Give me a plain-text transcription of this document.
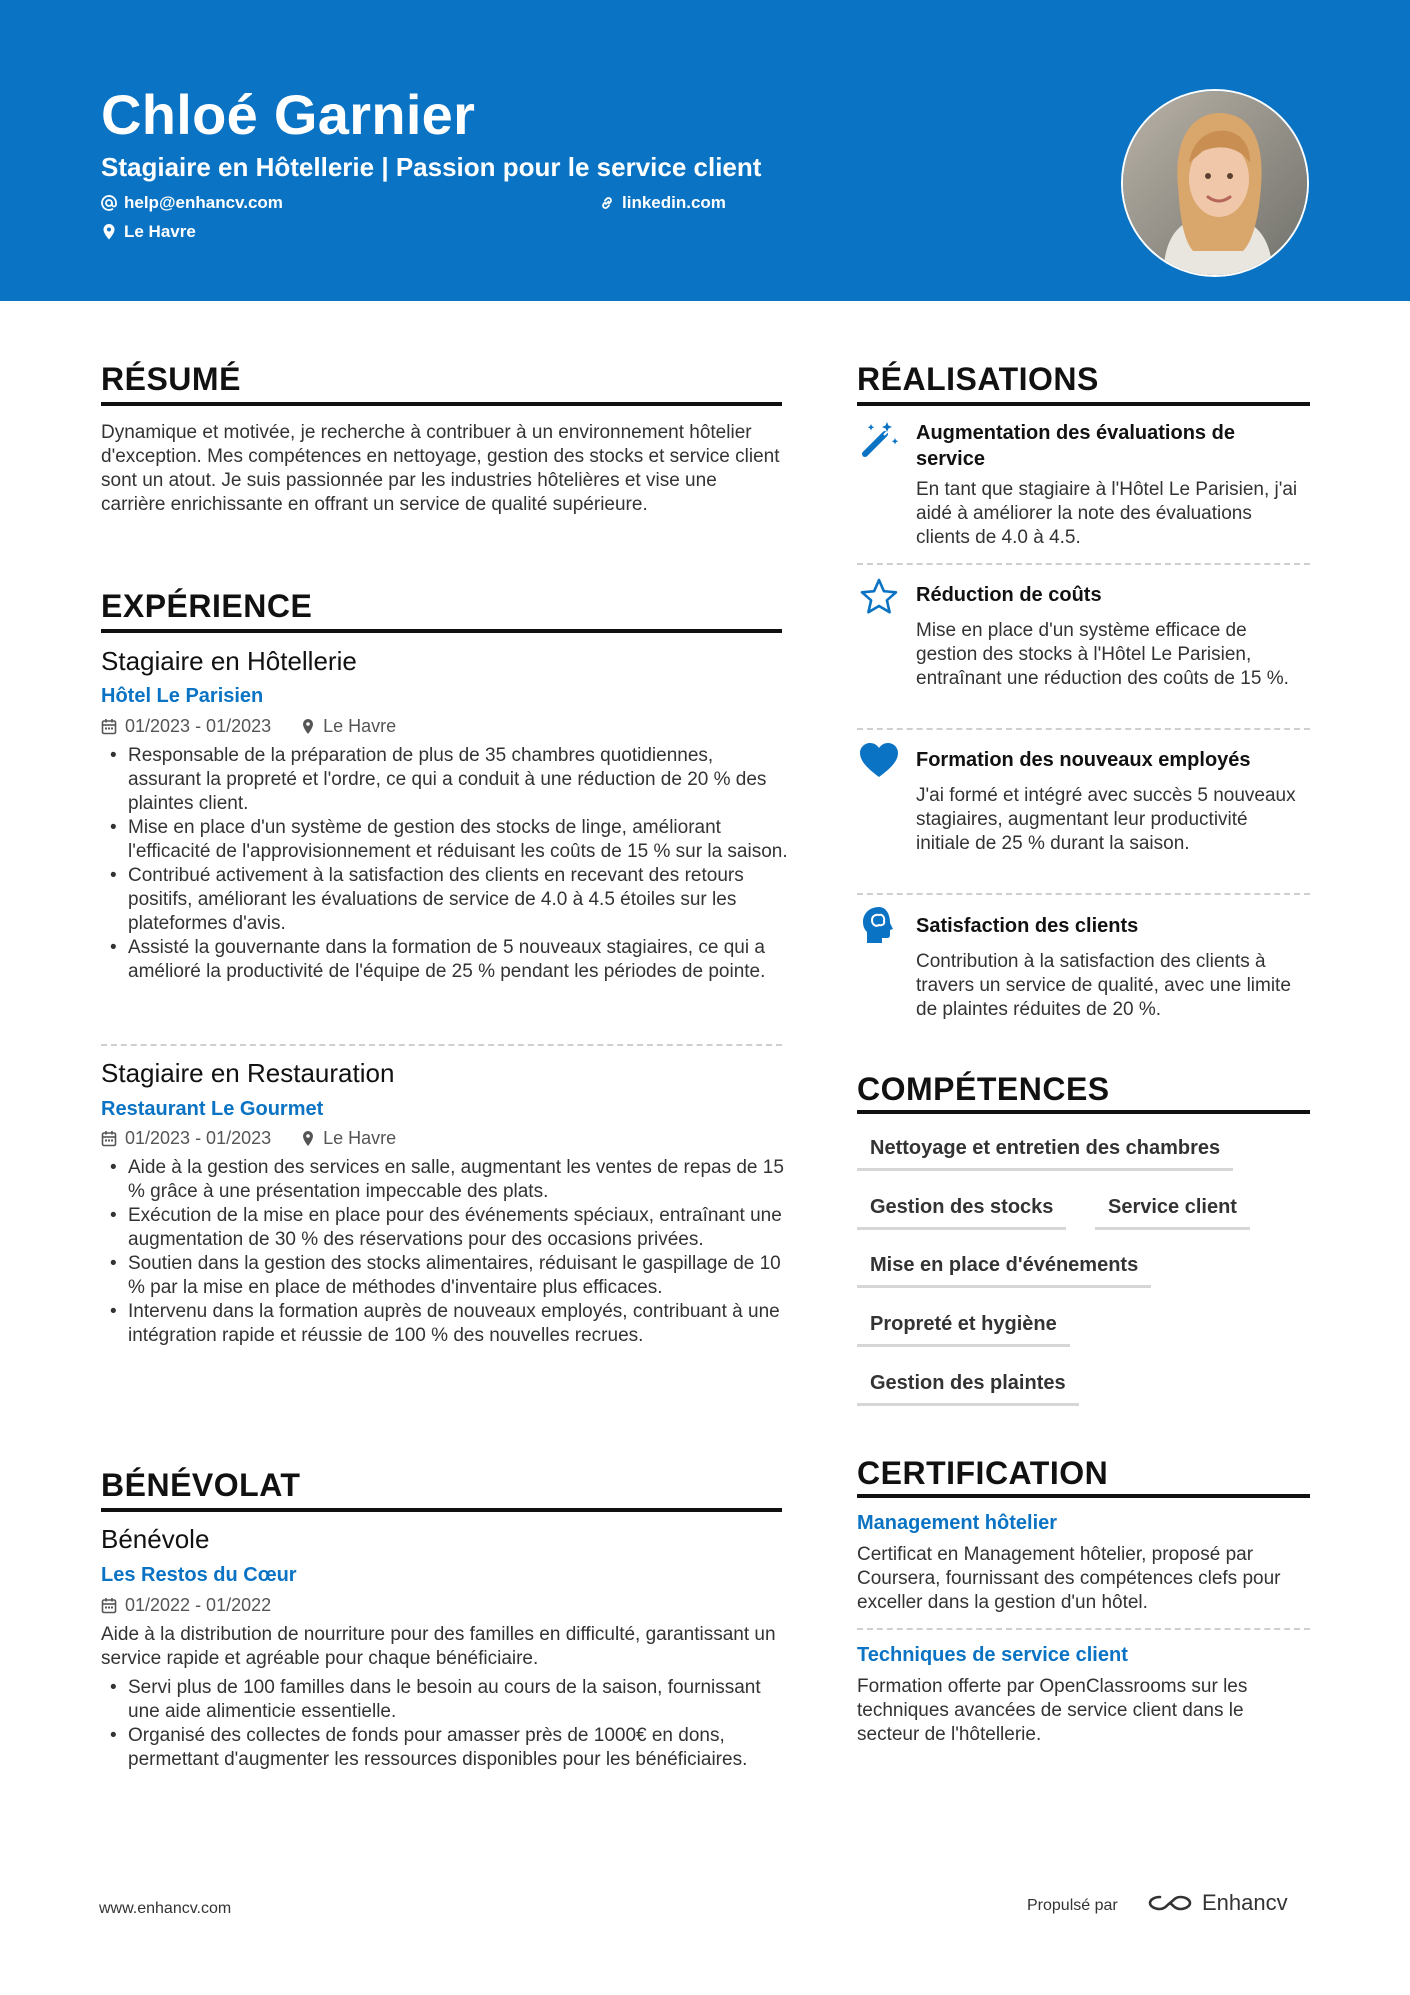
Chloé Garnier
Stagiaire en Hôtellerie | Passion pour le service client
help@enhancv.com	linkedin.com
Le Havre
RÉSUMÉ
Dynamique et motivée, je recherche à contribuer à un environnement hôtelier d'exception. Mes compétences en nettoyage, gestion des stocks et service client sont un atout. Je suis passionnée par les industries hôtelières et vise une carrière enrichissante en offrant un service de qualité supérieure.
EXPÉRIENCE
Stagiaire en Hôtellerie
Hôtel Le Parisien
01/2023 - 01/2023	Le Havre
• Responsable de la préparation de plus de 35 chambres quotidiennes, assurant la propreté et l'ordre, ce qui a conduit à une réduction de 20 % des plaintes client.
• Mise en place d'un système de gestion des stocks de linge, améliorant l'efficacité de l'approvisionnement et réduisant les coûts de 15 % sur la saison.
• Contribué activement à la satisfaction des clients en recevant des retours positifs, améliorant les évaluations de service de 4.0 à 4.5 étoiles sur les plateformes d'avis.
• Assisté la gouvernante dans la formation de 5 nouveaux stagiaires, ce qui a amélioré la productivité de l'équipe de 25 % pendant les périodes de pointe.
Stagiaire en Restauration
Restaurant Le Gourmet
01/2023 - 01/2023	Le Havre
• Aide à la gestion des services en salle, augmentant les ventes de repas de 15 % grâce à une présentation impeccable des plats.
• Exécution de la mise en place pour des événements spéciaux, entraînant une augmentation de 30 % des réservations pour des occasions privées.
• Soutien dans la gestion des stocks alimentaires, réduisant le gaspillage de 10 % par la mise en place de méthodes d'inventaire plus efficaces.
• Intervenu dans la formation auprès de nouveaux employés, contribuant à une intégration rapide et réussie de 100 % des nouvelles recrues.
BÉNÉVOLAT
Bénévole
Les Restos du Cœur
01/2022 - 01/2022
Aide à la distribution de nourriture pour des familles en difficulté, garantissant un service rapide et agréable pour chaque bénéficiaire.
• Servi plus de 100 familles dans le besoin au cours de la saison, fournissant une aide alimenticie essentielle.
• Organisé des collectes de fonds pour amasser près de 1000€ en dons, permettant d'augmenter les ressources disponibles pour les bénéficiaires.
RÉALISATIONS
Augmentation des évaluations de service
En tant que stagiaire à l'Hôtel Le Parisien, j'ai aidé à améliorer la note des évaluations clients de 4.0 à 4.5.
Réduction de coûts
Mise en place d'un système efficace de gestion des stocks à l'Hôtel Le Parisien, entraînant une réduction des coûts de 15 %.
Formation des nouveaux employés
J'ai formé et intégré avec succès 5 nouveaux stagiaires, augmentant leur productivité initiale de 25 % durant la saison.
Satisfaction des clients
Contribution à la satisfaction des clients à travers un service de qualité, avec une limite de plaintes réduites de 20 %.
COMPÉTENCES
Nettoyage et entretien des chambres
Gestion des stocks	Service client
Mise en place d'événements
Propreté et hygiène
Gestion des plaintes
CERTIFICATION
Management hôtelier
Certificat en Management hôtelier, proposé par Coursera, fournissant des compétences clefs pour exceller dans la gestion d'un hôtel.
Techniques de service client
Formation offerte par OpenClassrooms sur les techniques avancées de service client dans le secteur de l'hôtellerie.
www.enhancv.com	Propulsé par	Enhancv
